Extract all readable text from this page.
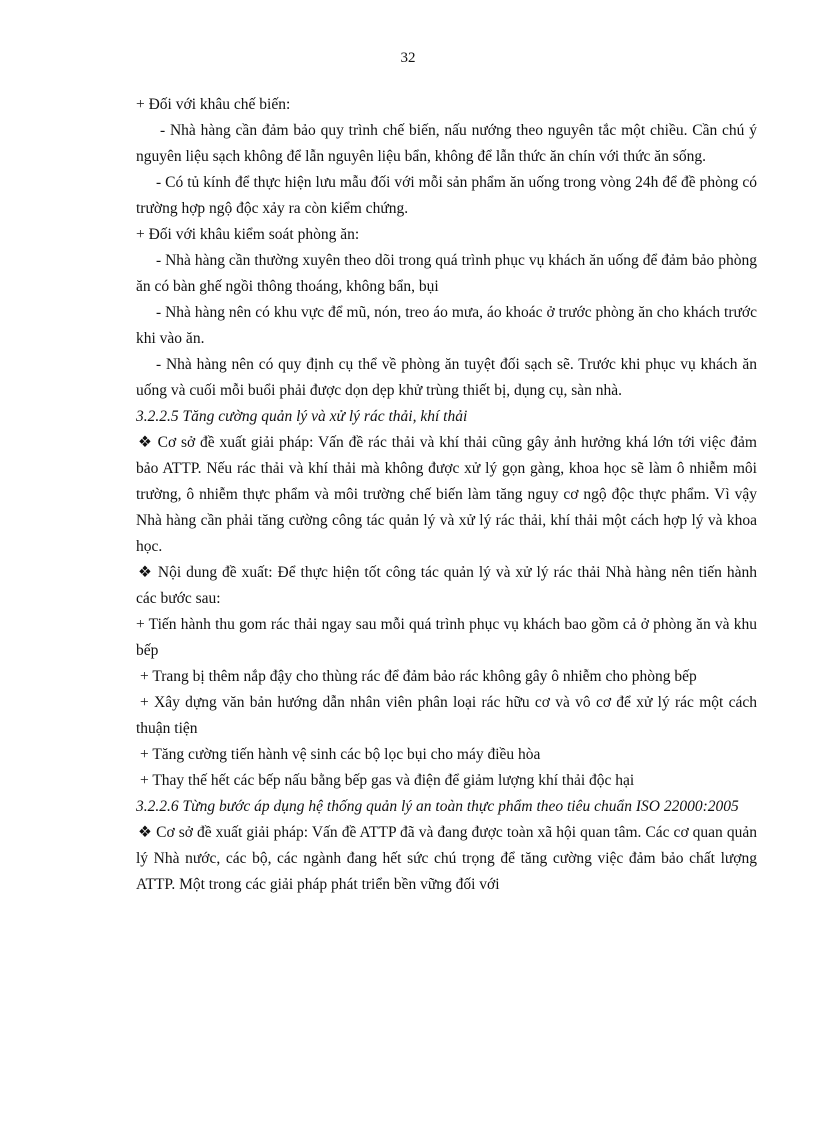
32

+ Đối với khâu chế biến:

- Nhà hàng cần đảm bảo quy trình chế biến, nấu nướng theo nguyên tắc một chiều. Cần chú ý nguyên liệu sạch không để lẫn nguyên liệu bẩn, không để lẫn thức ăn chín với thức ăn sống.

- Có tủ kính để thực hiện lưu mẫu đối với mỗi sản phẩm ăn uống trong vòng 24h để đề phòng có trường hợp ngộ độc xảy ra còn kiểm chứng.

+ Đối với khâu kiểm soát phòng ăn:

- Nhà hàng cần thường xuyên theo dõi trong quá trình phục vụ khách ăn uống để đảm bảo phòng ăn có bàn ghế ngồi thông thoáng, không bẩn, bụi

- Nhà hàng nên có khu vực để mũ, nón, treo áo mưa, áo khoác ở trước phòng ăn cho khách trước khi vào ăn.

- Nhà hàng nên có quy định cụ thể về phòng ăn tuyệt đối sạch sẽ. Trước khi phục vụ khách ăn uống và cuối mỗi buổi phải được dọn dẹp khử trùng thiết bị, dụng cụ, sàn nhà.

3.2.2.5 Tăng cường quản lý và xử lý rác thải, khí thải

❖ Cơ sở đề xuất giải pháp: Vấn đề rác thải và khí thải cũng gây ảnh hưởng khá lớn tới việc đảm bảo ATTP. Nếu rác thải và khí thải mà không được xử lý gọn gàng, khoa học sẽ làm ô nhiễm môi trường, ô nhiễm thực phẩm và môi trường chế biến làm tăng nguy cơ ngộ độc thực phẩm. Vì vậy Nhà hàng cần phải tăng cường công tác quản lý và xử lý rác thải, khí thải một cách hợp lý và khoa học.

❖ Nội dung đề xuất: Để thực hiện tốt công tác quản lý và xử lý rác thải Nhà hàng nên tiến hành các bước sau:

+ Tiến hành thu gom rác thải ngay sau mỗi quá trình phục vụ khách bao gồm cả ở phòng ăn và khu bếp

+ Trang bị thêm nắp đậy cho thùng rác để đảm bảo rác không gây ô nhiễm cho phòng bếp

+ Xây dựng văn bản hướng dẫn nhân viên phân loại rác hữu cơ và vô cơ để xử lý rác một cách thuận tiện

+ Tăng cường tiến hành vệ sinh các bộ lọc bụi cho máy điều hòa

+ Thay thế hết các bếp nấu bằng bếp gas và điện để giảm lượng khí thải độc hại

3.2.2.6 Từng bước áp dụng hệ thống quản lý an toàn thực phẩm theo tiêu chuẩn ISO 22000:2005

❖ Cơ sở đề xuất giải pháp: Vấn đề ATTP đã và đang được toàn xã hội quan tâm. Các cơ quan quản lý Nhà nước, các bộ, các ngành đang hết sức chú trọng để tăng cường việc đảm bảo chất lượng ATTP. Một trong các giải pháp phát triển bền vững đối với
